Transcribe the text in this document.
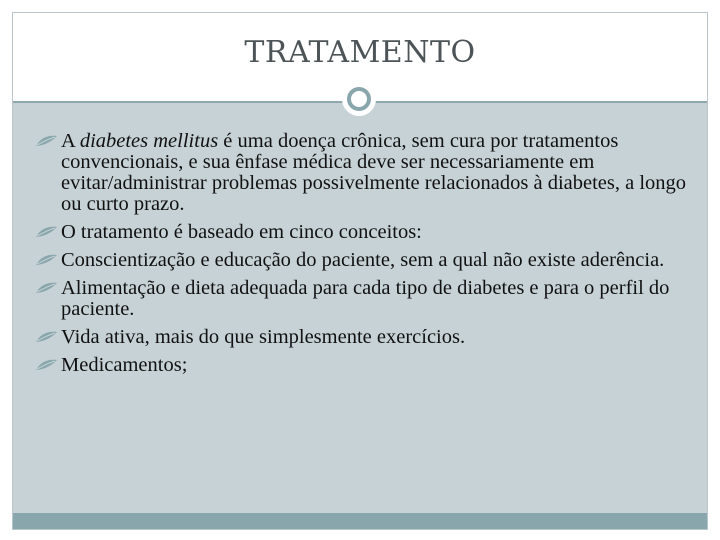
TRATAMENTO
A diabetes mellitus é uma doença crônica, sem cura por tratamentos convencionais, e sua ênfase médica deve ser necessariamente em evitar/administrar problemas possivelmente relacionados à diabetes, a longo ou curto prazo.
O tratamento é baseado em cinco conceitos:
Conscientização e educação do paciente, sem a qual não existe aderência.
Alimentação e dieta adequada para cada tipo de diabetes e para o perfil do paciente.
Vida ativa, mais do que simplesmente exercícios.
Medicamentos;
